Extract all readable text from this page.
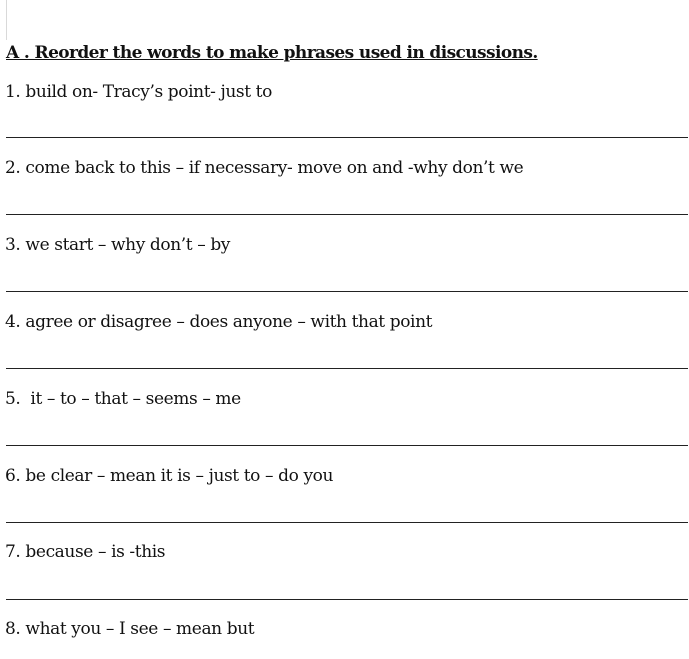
A . Reorder the words to make phrases used in discussions.
1. build on- Tracy’s point- just to
2. come back to this – if necessary- move on and -why don’t we
3. we start – why don’t – by
4. agree or disagree – does anyone – with that point
5.  it – to – that – seems – me
6. be clear – mean it is – just to – do you
7. because – is -this
8. what you – I see – mean but
